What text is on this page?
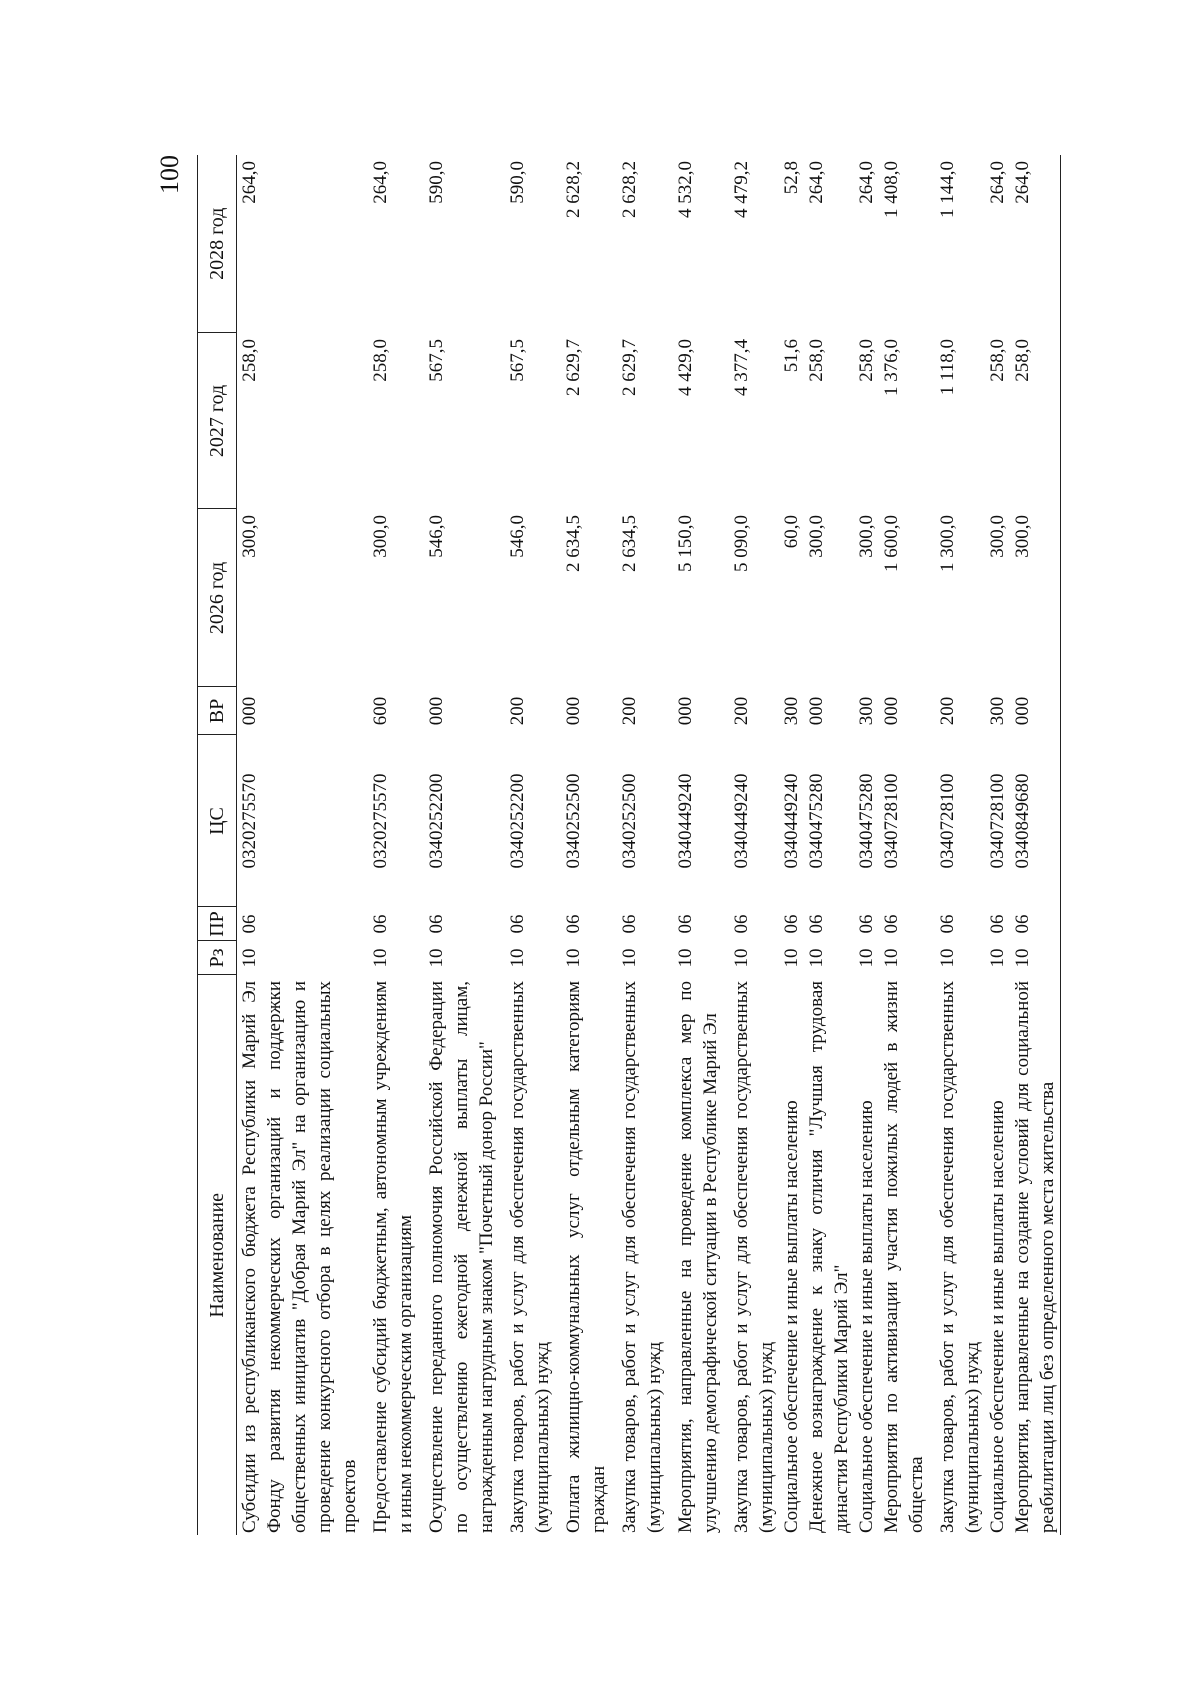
100
Наименование	Рз	ПР	ЦС	ВР	2026 год	2027 год	2028 год
Субсидии из республиканского бюджета Республики Марий Эл Фонду развития некоммерческих организаций и поддержки общественных инициатив "Добрая Марий Эл" на организацию и проведение конкурсного отбора в целях реализации социальных проектов	10	06	0320275570	000	300,0	258,0	264,0
Предоставление субсидий бюджетным, автономным учреждениям и иным некоммерческим организациям	10	06	0320275570	600	300,0	258,0	264,0
Осуществление переданного полномочия Российской Федерации по осуществлению ежегодной денежной выплаты лицам, награжденным нагрудным знаком "Почетный донор России"	10	06	0340252200	000	546,0	567,5	590,0
Закупка товаров, работ и услуг для обеспечения государственных (муниципальных) нужд	10	06	0340252200	200	546,0	567,5	590,0
Оплата жилищно-коммунальных услуг отдельным категориям граждан	10	06	0340252500	000	2 634,5	2 629,7	2 628,2
Закупка товаров, работ и услуг для обеспечения государственных (муниципальных) нужд	10	06	0340252500	200	2 634,5	2 629,7	2 628,2
Мероприятия, направленные на проведение комплекса мер по улучшению демографической ситуации в Республике Марий Эл	10	06	0340449240	000	5 150,0	4 429,0	4 532,0
Закупка товаров, работ и услуг для обеспечения государственных (муниципальных) нужд	10	06	0340449240	200	5 090,0	4 377,4	4 479,2
Социальное обеспечение и иные выплаты населению	10	06	0340449240	300	60,0	51,6	52,8
Денежное вознаграждение к знаку отличия "Лучшая трудовая династия Республики Марий Эл"	10	06	0340475280	000	300,0	258,0	264,0
Социальное обеспечение и иные выплаты населению	10	06	0340475280	300	300,0	258,0	264,0
Мероприятия по активизации участия пожилых людей в жизни общества	10	06	0340728100	000	1 600,0	1 376,0	1 408,0
Закупка товаров, работ и услуг для обеспечения государственных (муниципальных) нужд	10	06	0340728100	200	1 300,0	1 118,0	1 144,0
Социальное обеспечение и иные выплаты населению	10	06	0340728100	300	300,0	258,0	264,0
Мероприятия, направленные на создание условий для социальной реабилитации лиц без определенного места жительства	10	06	0340849680	000	300,0	258,0	264,0
